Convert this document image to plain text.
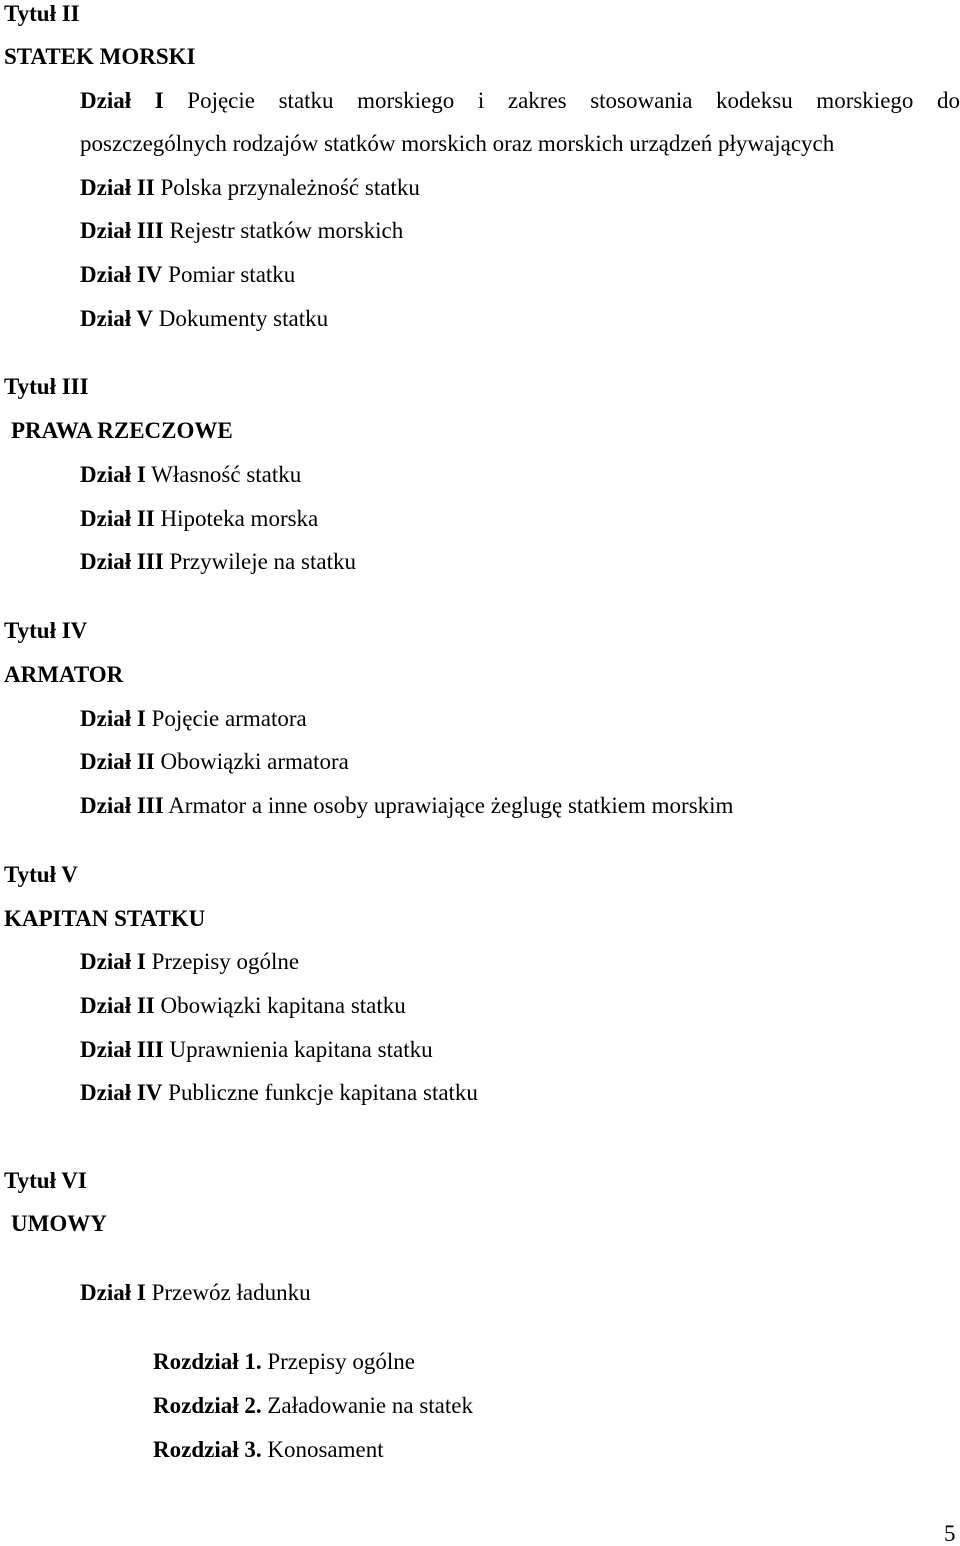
Tytuł II
STATEK MORSKI
Dział I Pojęcie statku morskiego i zakres stosowania kodeksu morskiego do
poszczególnych rodzajów statków morskich oraz morskich urządzeń pływających
Dział II Polska przynależność statku
Dział III Rejestr statków morskich
Dział IV Pomiar statku
Dział V Dokumenty statku
Tytuł III
PRAWA RZECZOWE
Dział I Własność statku
Dział II Hipoteka morska
Dział III Przywileje na statku
Tytuł IV
ARMATOR
Dział I Pojęcie armatora
Dział II Obowiązki armatora
Dział III Armator a inne osoby uprawiające żeglugę statkiem morskim
Tytuł V
KAPITAN STATKU
Dział I Przepisy ogólne
Dział II Obowiązki kapitana statku
Dział III Uprawnienia kapitana statku
Dział IV Publiczne funkcje kapitana statku
Tytuł VI
UMOWY
Dział I Przewóz ładunku
Rozdział 1. Przepisy ogólne
Rozdział 2. Załadowanie na statek
Rozdział 3. Konosament
5
